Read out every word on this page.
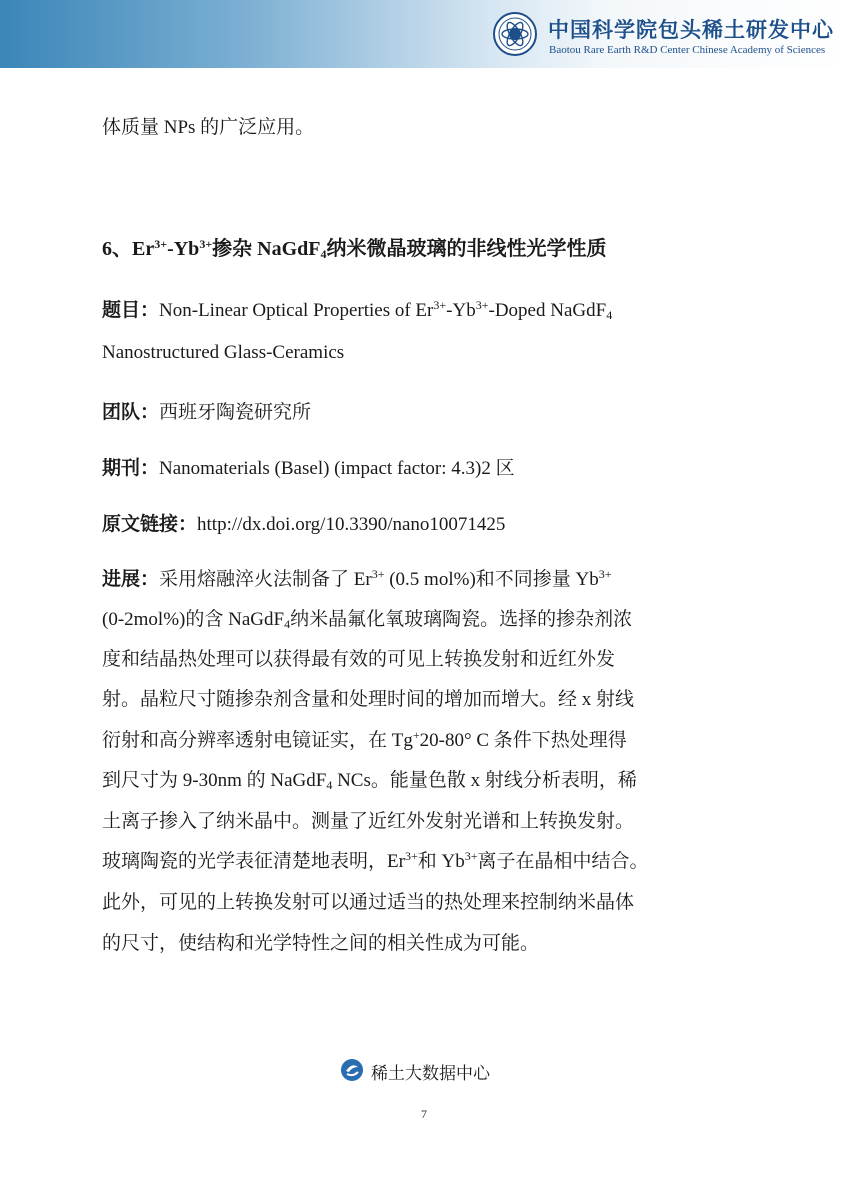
中国科学院包头稀土研发中心
Baotou Rare Earth R&D Center Chinese Academy of Sciences
体质量 NPs 的广泛应用。
6、$Er^{3+}-Yb^{3+}$掺杂 NaGdF$_4$纳米微晶玻璃的非线性光学性质
题目：Non-Linear Optical Properties of $Er^{3+}-Yb^{3+}$-Doped NaGdF$_4$
Nanostructured Glass-Ceramics
团队：西班牙陶瓷研究所
期刊：Nanomaterials (Basel) (impact factor: 4.3)2 区
原文链接：http://dx.doi.org/10.3390/nano10071425
进展：采用熔融淬火法制备了 $Er^{3+}$ (0.5 mol%)和不同掺量 $Yb^{3+}$
(0-2mol%)的含 NaGdF$_4$纳米晶氟化氧玻璃陶瓷。选择的掺杂剂浓
度和结晶热处理可以获得最有效的可见上转换发射和近红外发
射。晶粒尺寸随掺杂剂含量和处理时间的增加而增大。经 x 射线
衍射和高分辨率透射电镜证实，在 Tg+20-80° C 条件下热处理得
到尺寸为 9-30nm 的 NaGdF$_4$ NCs。能量色散 x 射线分析表明，稀
土离子掺入了纳米晶中。测量了近红外发射光谱和上转换发射。
玻璃陶瓷的光学表征清楚地表明，$Er^{3+}$和 $Yb^{3+}$离子在晶相中结合。
此外，可见的上转换发射可以通过适当的热处理来控制纳米晶体
的尺寸，使结构和光学特性之间的相关性成为可能。
稀土大数据中心
7
